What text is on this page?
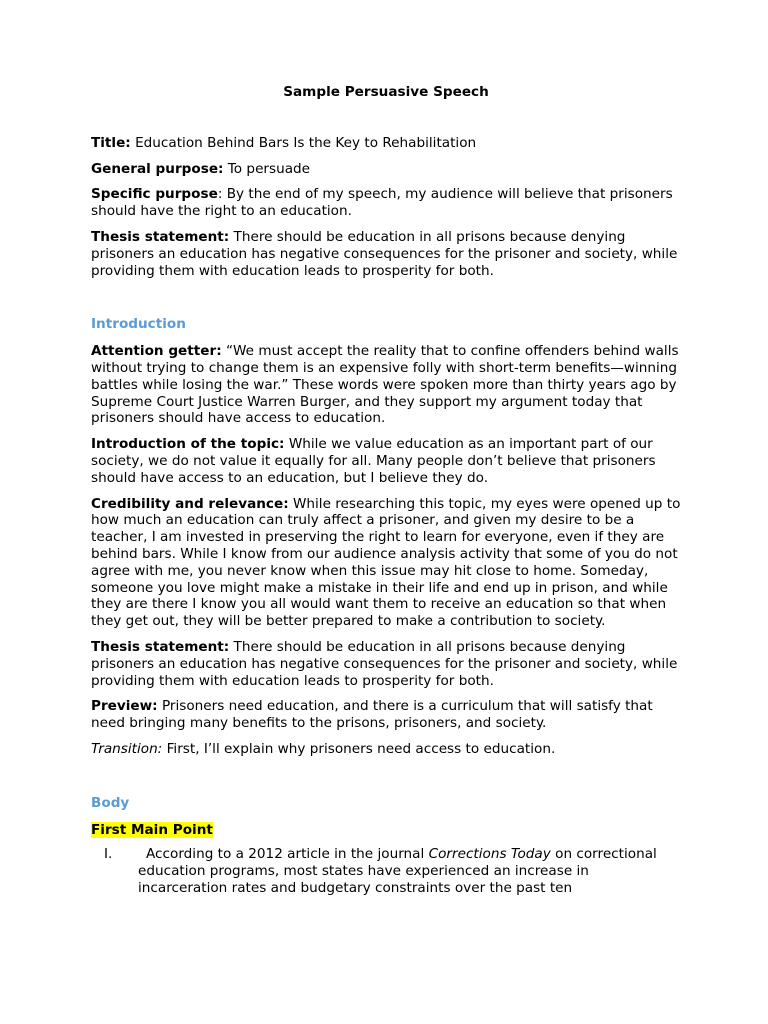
Sample Persuasive Speech

Title: Education Behind Bars Is the Key to Rehabilitation

General purpose: To persuade

Specific purpose: By the end of my speech, my audience will believe that prisoners should have the right to an education.

Thesis statement: There should be education in all prisons because denying prisoners an education has negative consequences for the prisoner and society, while providing them with education leads to prosperity for both.

Introduction

Attention getter: “We must accept the reality that to confine offenders behind walls without trying to change them is an expensive folly with short-term benefits—winning battles while losing the war.” These words were spoken more than thirty years ago by Supreme Court Justice Warren Burger, and they support my argument today that prisoners should have access to education.

Introduction of the topic: While we value education as an important part of our society, we do not value it equally for all. Many people don’t believe that prisoners should have access to an education, but I believe they do.

Credibility and relevance: While researching this topic, my eyes were opened up to how much an education can truly affect a prisoner, and given my desire to be a teacher, I am invested in preserving the right to learn for everyone, even if they are behind bars. While I know from our audience analysis activity that some of you do not agree with me, you never know when this issue may hit close to home. Someday, someone you love might make a mistake in their life and end up in prison, and while they are there I know you all would want them to receive an education so that when they get out, they will be better prepared to make a contribution to society.

Thesis statement: There should be education in all prisons because denying prisoners an education has negative consequences for the prisoner and society, while providing them with education leads to prosperity for both.

Preview: Prisoners need education, and there is a curriculum that will satisfy that need bringing many benefits to the prisons, prisoners, and society.

Transition: First, I’ll explain why prisoners need access to education.

Body
First Main Point
I. According to a 2012 article in the journal Corrections Today on correctional education programs, most states have experienced an increase in incarceration rates and budgetary constraints over the past ten
